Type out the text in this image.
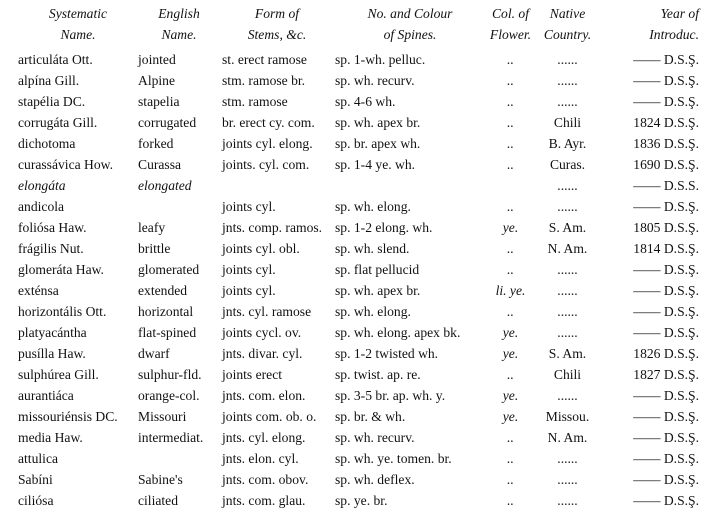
Systematic	English	Form of	No. and Colour	Col. of	Native	Year of
Name.	Name.	Stems, &c.	of Spines.	Flower.	Country.	Introduc.
articuláta Ott.	jointed	st. erect ramose	sp. 1-wh. pelluc.	..	......	—— D.S.Ş.
alpína Gill.	Alpine	stm. ramose br.	sp. wh. recurv.	..	......	—— D.S.Ş.
stapélia DC.	stapelia	stm. ramose	sp. 4-6 wh.	..	......	—— D.S.Ş.
corrugáta Gill.	corrugated	br. erect cy. com.	sp. wh. apex br.	..	Chili	1824 D.S.Ş.
dichotoma	forked	joints cyl. elong.	sp. br. apex wh.	..	B. Ayr.	1836 D.S.Ş.
curassávica How.	Curassa	joints. cyl. com.	sp. 1-4 ye. wh.	..	Curas.	1690 D.S.Ş.
elongáta	elongated				......	—— D.S.S.
andicola		joints cyl.	sp. wh. elong.	..	......	—— D.S.Ş.
foliósa Haw.	leafy	jnts. comp. ramos.	sp. 1-2 elong. wh.	ye.	S. Am.	1805 D.S.Ş.
frágilis Nut.	brittle	joints cyl. obl.	sp. wh. slend.	..	N. Am.	1814 D.S.Ş.
glomeráta Haw.	glomerated	joints cyl.	sp. flat pellucid	..	......	—— D.S.Ş.
exténsa	extended	joints cyl.	sp. wh. apex br.	li. ye.	......	—— D.S.Ş.
horizontális Ott.	horizontal	jnts. cyl. ramose	sp. wh. elong.	..	......	—— D.S.Ş.
platyacántha	flat-spined	joints cycl. ov.	sp. wh. elong. apex bk.	ye.	......	—— D.S.Ş.
pusílla Haw.	dwarf	jnts. divar. cyl.	sp. 1-2 twisted wh.	ye.	S. Am.	1826 D.S.Ş.
sulphúrea Gill.	sulphur-fld.	joints erect	sp. twist. ap. re.	..	Chili	1827 D.S.Ş.
aurantiáca	orange-col.	jnts. com. elon.	sp. 3-5 br. ap. wh. y.	ye.	......	—— D.S.Ş.
missouriénsis DC.	Missouri	joints com. ob. o.	sp. br. & wh.	ye.	Missou.	—— D.S.Ş.
media Haw.	intermediat.	jnts. cyl. elong.	sp. wh. recurv.	..	N. Am.	—— D.S.Ş.
attulica		jnts. elon. cyl.	sp. wh. ye. tomen. br.	..	......	—— D.S.Ş.
Sabíni	Sabine's	jnts. com. obov.	sp. wh. deflex.	..	......	—— D.S.Ş.
ciliósa	ciliated	jnts. com. glau.	sp. ye. br.	..	......	—— D.S.Ş.
